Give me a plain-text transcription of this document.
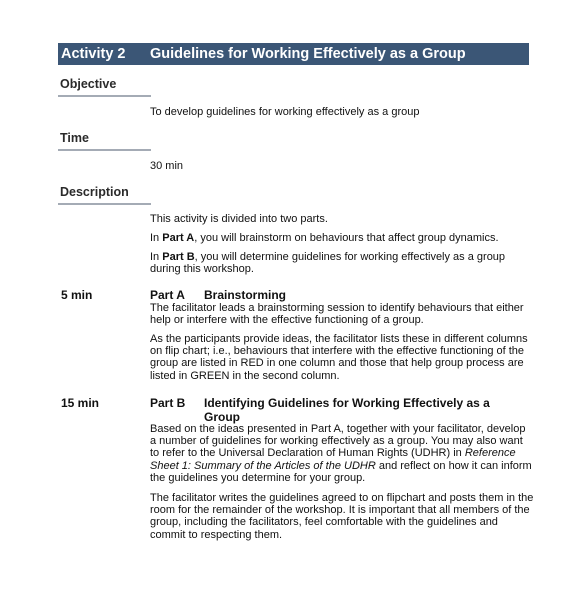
Activity 2 Guidelines for Working Effectively as a Group
Objective
To develop guidelines for working effectively as a group
Time
30 min
Description
This activity is divided into two parts.
In Part A, you will brainstorm on behaviours that affect group dynamics.
In Part B, you will determine guidelines for working effectively as a group during this workshop.
5 min	Part A Brainstorming
The facilitator leads a brainstorming session to identify behaviours that either help or interfere with the effective functioning of a group.
As the participants provide ideas, the facilitator lists these in different columns on flip chart; i.e., behaviours that interfere with the effective functioning of the group are listed in RED in one column and those that help group process are listed in GREEN in the second column.
15 min	Part B Identifying Guidelines for Working Effectively as a Group
Based on the ideas presented in Part A, together with your facilitator, develop a number of guidelines for working effectively as a group. You may also want to refer to the Universal Declaration of Human Rights (UDHR) in Reference Sheet 1: Summary of the Articles of the UDHR and reflect on how it can inform the guidelines you determine for your group.
The facilitator writes the guidelines agreed to on flipchart and posts them in the room for the remainder of the workshop. It is important that all members of the group, including the facilitators, feel comfortable with the guidelines and commit to respecting them.
